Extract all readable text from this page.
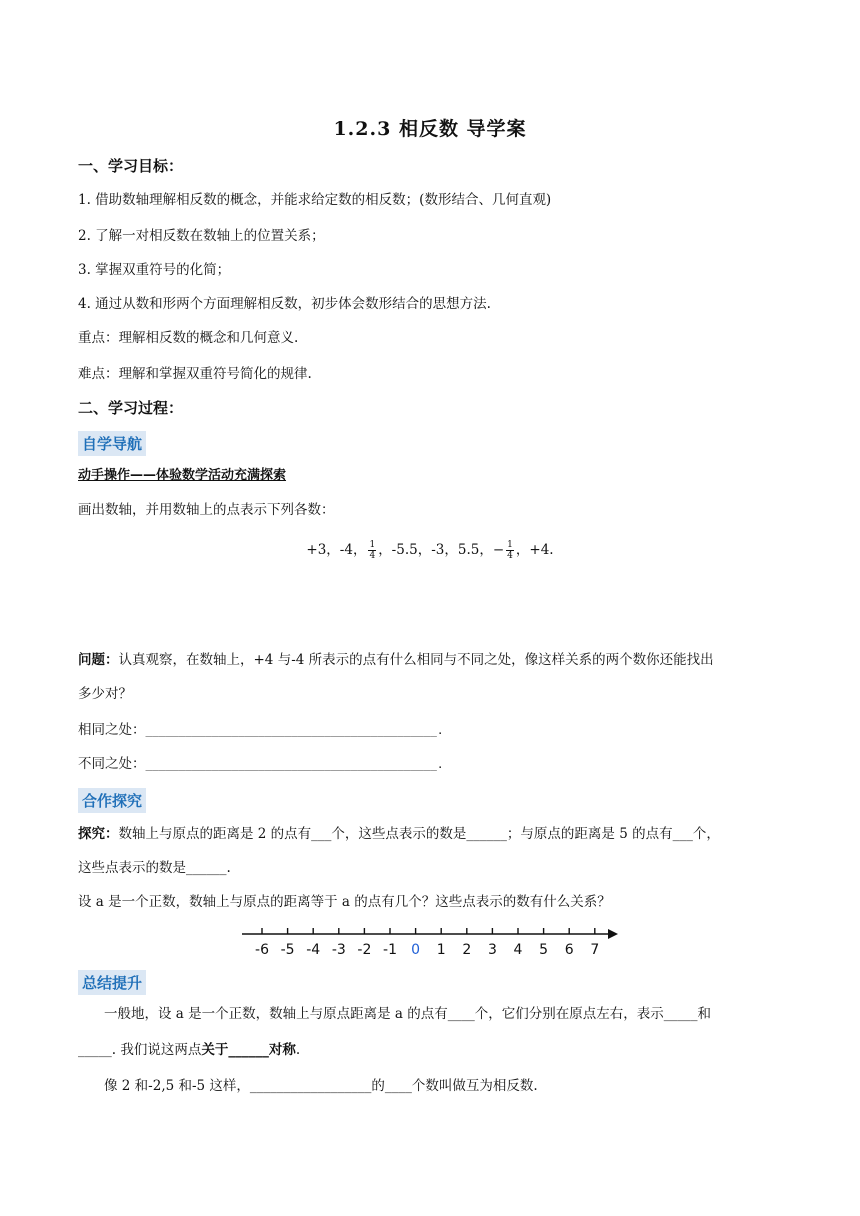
1.2.3 相反数 导学案
一、学习目标：
1. 借助数轴理解相反数的概念，并能求给定数的相反数；(数形结合、几何直观)
2. 了解一对相反数在数轴上的位置关系；
3. 掌握双重符号的化简；
4. 通过从数和形两个方面理解相反数，初步体会数形结合的思想方法.
重点：理解相反数的概念和几何意义.
难点：理解和掌握双重符号简化的规律.
二、学习过程：
自学导航
动手操作——体验数学活动充满探索
画出数轴，并用数轴上的点表示下列各数：
+3，-4， $\frac{1}{4}$ ，-5.5，-3，5.5，− $\frac{1}{4}$ ，+4.
问题：认真观察，在数轴上，+4 与-4 所表示的点有什么相同与不同之处，像这样关系的两个数你还能找出
多少对？
相同之处：____________________________________________.
不同之处：____________________________________________.
合作探究
探究：数轴上与原点的距离是 2 的点有___个，这些点表示的数是______；与原点的距离是 5 的点有___个，
这些点表示的数是______.
设 a 是一个正数，数轴上与原点的距离等于 a 的点有几个？这些点表示的数有什么关系？
-6 -5 -4 -3 -2 -1 0 1 2 3 4 5 6 7
总结提升
一般地，设 a 是一个正数，数轴上与原点距离是 a 的点有____个，它们分别在原点左右，表示_____和
_____. 我们说这两点关于______对称.
像 2 和-2,5 和-5 这样，__________________的____个数叫做互为相反数.
